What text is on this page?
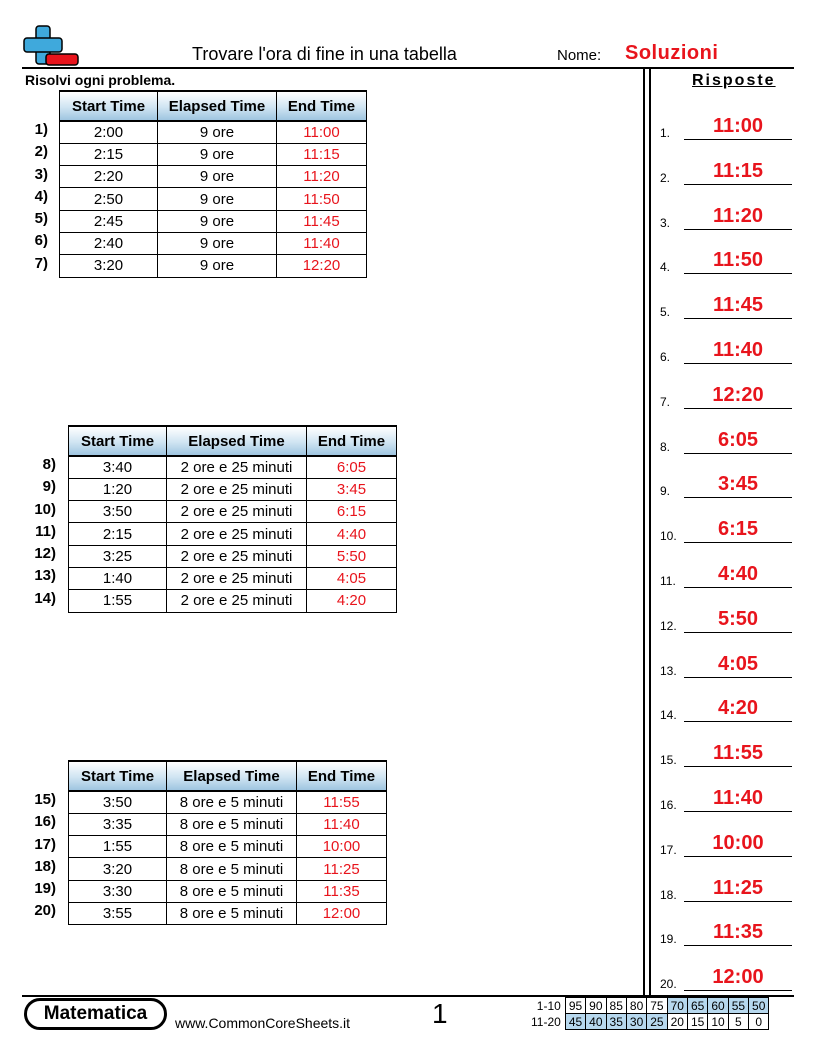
Trovare l'ora di fine in una tabella	Nome: Soluzioni
Risolvi ogni problema.
1)
2)
3)
4)
5)
6)
7)
Start Time	Elapsed Time	End Time
2:00	9 ore	11:00
2:15	9 ore	11:15
2:20	9 ore	11:20
2:50	9 ore	11:50
2:45	9 ore	11:45
2:40	9 ore	11:40
3:20	9 ore	12:20
8)
9)
10)
11)
12)
13)
14)
Start Time	Elapsed Time	End Time
3:40	2 ore e 25 minuti	6:05
1:20	2 ore e 25 minuti	3:45
3:50	2 ore e 25 minuti	6:15
2:15	2 ore e 25 minuti	4:40
3:25	2 ore e 25 minuti	5:50
1:40	2 ore e 25 minuti	4:05
1:55	2 ore e 25 minuti	4:20
15)
16)
17)
18)
19)
20)
Start Time	Elapsed Time	End Time
3:50	8 ore e 5 minuti	11:55
3:35	8 ore e 5 minuti	11:40
1:55	8 ore e 5 minuti	10:00
3:20	8 ore e 5 minuti	11:25
3:30	8 ore e 5 minuti	11:35
3:55	8 ore e 5 minuti	12:00
Risposte
1.	11:00
2.	11:15
3.	11:20
4.	11:50
5.	11:45
6.	11:40
7.	12:20
8.	6:05
9.	3:45
10.	6:15
11.	4:40
12.	5:50
13.	4:05
14.	4:20
15.	11:55
16.	11:40
17.	10:00
18.	11:25
19.	11:35
20.	12:00
Matematica	www.CommonCoreSheets.it	1	1-10	95	90	85	80	75	70	65	60	55	50
11-20	45	40	35	30	25	20	15	10	5	0
